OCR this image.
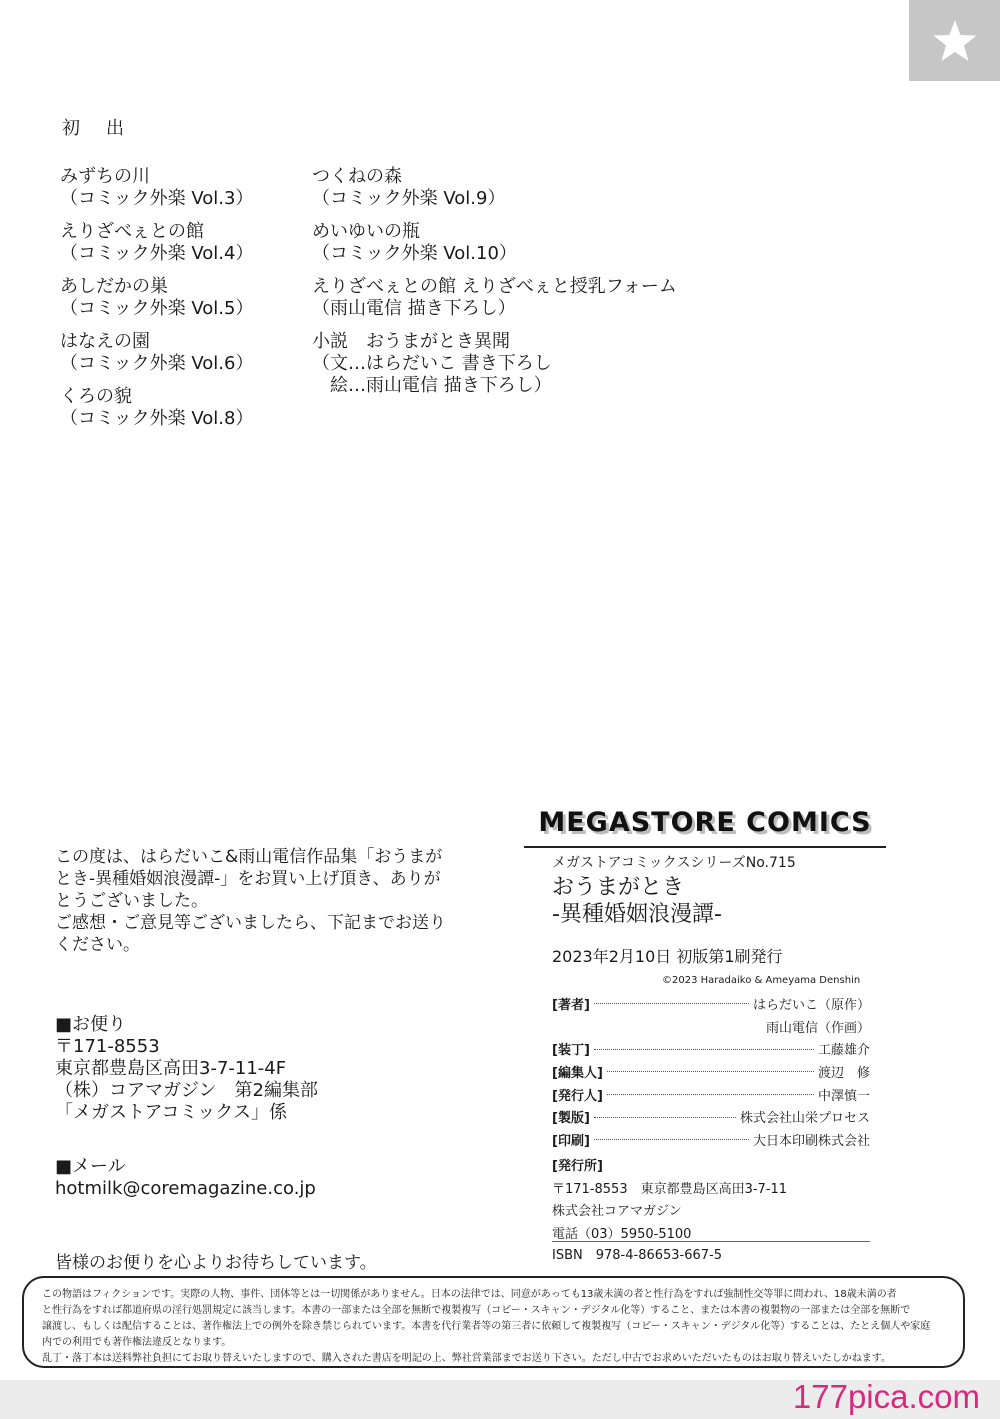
初　出
みずちの川
（コミック外楽 Vol.3）
えりざべぇとの館
（コミック外楽 Vol.4）
あしだかの巣
（コミック外楽 Vol.5）
はなえの園
（コミック外楽 Vol.6）
くろの貌
（コミック外楽 Vol.8）
つくねの森
（コミック外楽 Vol.9）
めいゆいの瓶
（コミック外楽 Vol.10）
えりざべぇとの館 えりざべぇと授乳フォーム
（雨山電信 描き下ろし）
小説　おうまがとき異聞
（文…はらだいこ 書き下ろし
　絵…雨山電信 描き下ろし）
この度は、はらだいこ&雨山電信作品集「おうまがとき-異種婚姻浪漫譚-」をお買い上げ頂き、ありがとうございました。
ご感想・ご意見等ございましたら、下記までお送りください。
■お便り
〒171-8553
東京都豊島区高田3-7-11-4F
（株）コアマガジン　第2編集部
「メガストアコミックス」係
■メール
hotmilk@coremagazine.co.jp
皆様のお便りを心よりお待ちしています。
MEGASTORE COMICS
メガストアコミックスシリーズNo.715
おうまがとき
-異種婚姻浪漫譚-
2023年2月10日 初版第1刷発行
©2023 Haradaiko & Ameyama Denshin
[著者]	はらだいこ（原作）
雨山電信（作画）
[装丁]	工藤雄介
[編集人]	渡辺　修
[発行人]	中澤慎一
[製版]	株式会社山栄プロセス
[印刷]	大日本印刷株式会社
[発行所]
〒171-8553　東京都豊島区高田3-7-11
株式会社コアマガジン
電話（03）5950-5100
ISBN　978-4-86653-667-5
この物語はフィクションです。実際の人物、事件、団体等とは一切関係がありません。日本の法律では、同意があっても13歳未満の者と性行為をすれば強制性交等罪に問われ、18歳未満の者
と性行為をすれば都道府県の淫行処罰規定に該当します。本書の一部または全部を無断で複製複写（コピー・スキャン・デジタル化等）すること、または本書の複製物の一部または全部を無断で
譲渡し、もしくは配信することは、著作権法上での例外を除き禁じられています。本書を代行業者等の第三者に依頼して複製複写（コピー・スキャン・デジタル化等）することは、たとえ個人や家庭
内での利用でも著作権法違反となります。
乱丁・落丁本は送料弊社負担にてお取り替えいたしますので、購入された書店を明記の上、弊社営業部までお送り下さい。ただし中古でお求めいただいたものはお取り替えいたしかねます。
177pica.com
